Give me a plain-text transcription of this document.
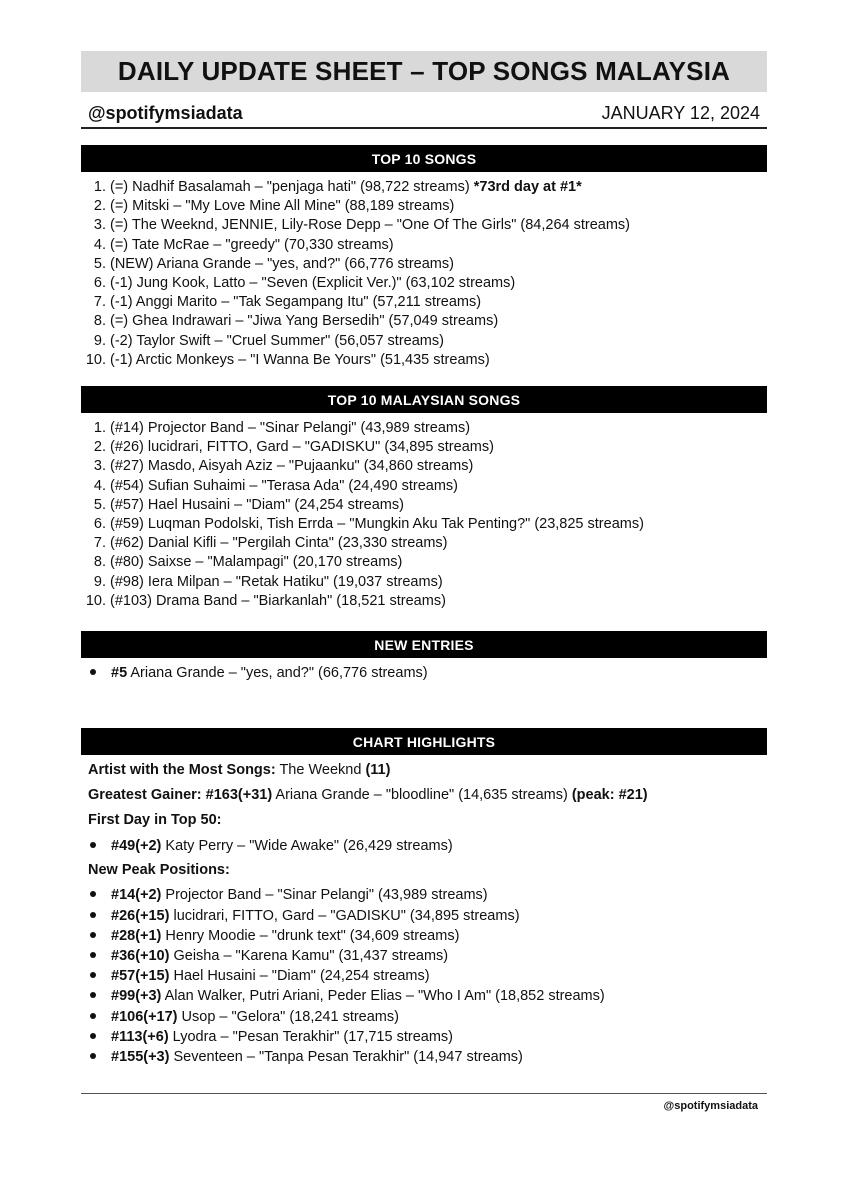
DAILY UPDATE SHEET – TOP SONGS MALAYSIA
@spotifymsiadata	JANUARY 12, 2024
TOP 10 SONGS
1. (=) Nadhif Basalamah – "penjaga hati" (98,722 streams) *73rd day at #1*
2. (=) Mitski – "My Love Mine All Mine" (88,189 streams)
3. (=) The Weeknd, JENNIE, Lily-Rose Depp – "One Of The Girls" (84,264 streams)
4. (=) Tate McRae – "greedy" (70,330 streams)
5. (NEW) Ariana Grande – "yes, and?" (66,776 streams)
6. (-1) Jung Kook, Latto – "Seven (Explicit Ver.)" (63,102 streams)
7. (-1) Anggi Marito – "Tak Segampang Itu" (57,211 streams)
8. (=) Ghea Indrawari – "Jiwa Yang Bersedih" (57,049 streams)
9. (-2) Taylor Swift – "Cruel Summer" (56,057 streams)
10. (-1) Arctic Monkeys – "I Wanna Be Yours" (51,435 streams)
TOP 10 MALAYSIAN SONGS
1. (#14) Projector Band – "Sinar Pelangi" (43,989 streams)
2. (#26) lucidrari, FITTO, Gard – "GADISKU" (34,895 streams)
3. (#27) Masdo, Aisyah Aziz – "Pujaanku" (34,860 streams)
4. (#54) Sufian Suhaimi – "Terasa Ada" (24,490 streams)
5. (#57) Hael Husaini – "Diam" (24,254 streams)
6. (#59) Luqman Podolski, Tish Errda – "Mungkin Aku Tak Penting?" (23,825 streams)
7. (#62) Danial Kifli – "Pergilah Cinta" (23,330 streams)
8. (#80) Saixse – "Malampagi" (20,170 streams)
9. (#98) Iera Milpan – "Retak Hatiku" (19,037 streams)
10. (#103) Drama Band – "Biarkanlah" (18,521 streams)
NEW ENTRIES
#5 Ariana Grande – "yes, and?" (66,776 streams)
CHART HIGHLIGHTS
Artist with the Most Songs: The Weeknd (11)
Greatest Gainer: #163(+31) Ariana Grande – "bloodline" (14,635 streams) (peak: #21)
First Day in Top 50:
#49(+2) Katy Perry – "Wide Awake" (26,429 streams)
New Peak Positions:
#14(+2) Projector Band – "Sinar Pelangi" (43,989 streams)
#26(+15) lucidrari, FITTO, Gard – "GADISKU" (34,895 streams)
#28(+1) Henry Moodie – "drunk text" (34,609 streams)
#36(+10) Geisha – "Karena Kamu" (31,437 streams)
#57(+15) Hael Husaini – "Diam" (24,254 streams)
#99(+3) Alan Walker, Putri Ariani, Peder Elias – "Who I Am" (18,852 streams)
#106(+17) Usop – "Gelora" (18,241 streams)
#113(+6) Lyodra – "Pesan Terakhir" (17,715 streams)
#155(+3) Seventeen – "Tanpa Pesan Terakhir" (14,947 streams)
@spotifymsiadata
